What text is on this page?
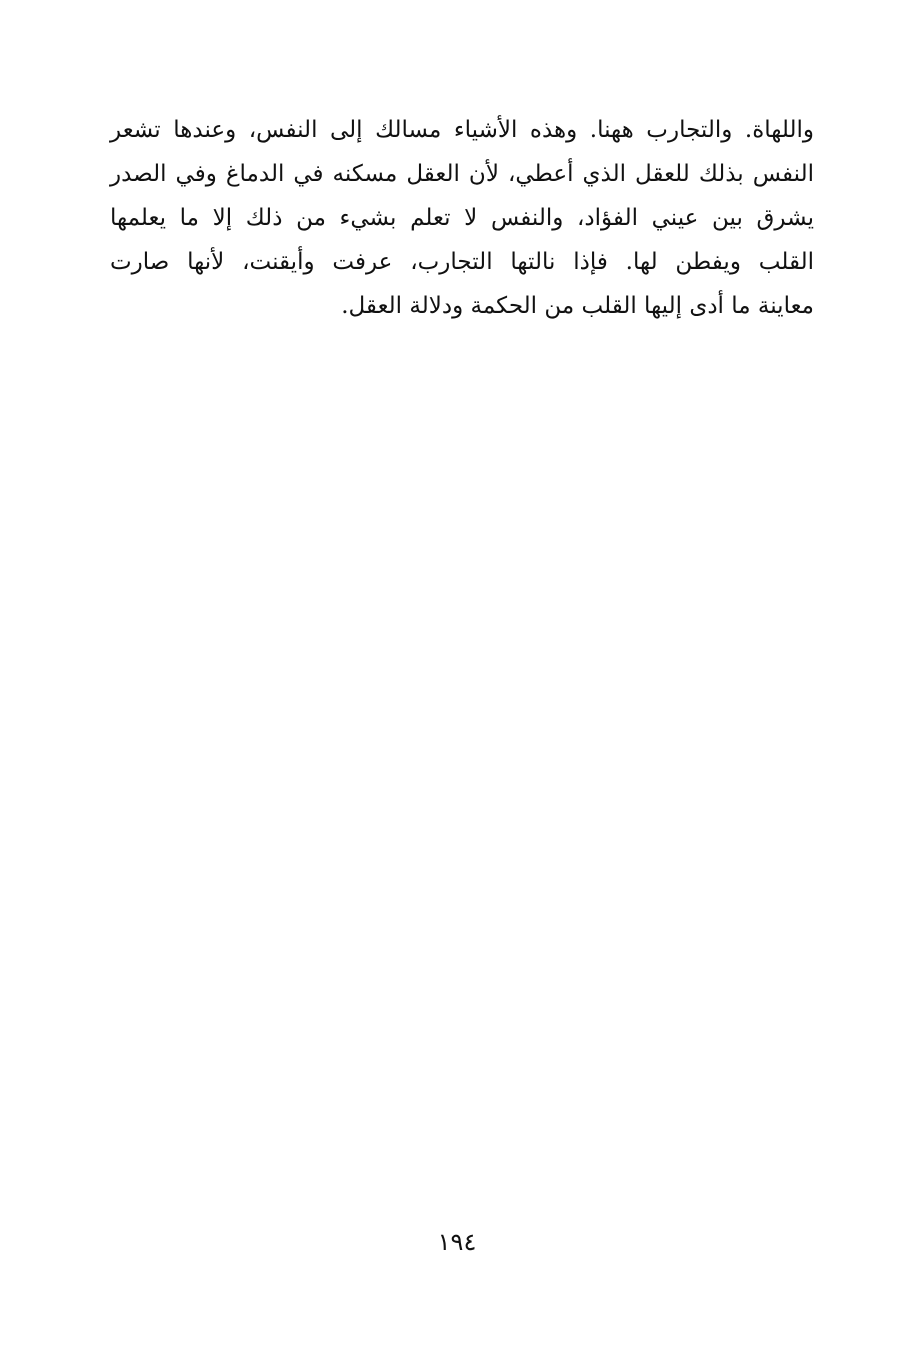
واللهاة. والتجارب ههنا. وهذه الأشياء مسالك إلى النفس، وعندها تشعر
النفس بذلك للعقل الذي أعطي، لأن العقل مسكنه في الدماغ وفي الصدر
يشرق بين عيني الفؤاد، والنفس لا تعلم بشيء من ذلك إلا ما يعلمها
القلب ويفطن لها. فإذا نالتها التجارب، عرفت وأيقنت، لأنها صارت
معاينة ما أدى إليها القلب من الحكمة ودلالة العقل.
١٩٤
